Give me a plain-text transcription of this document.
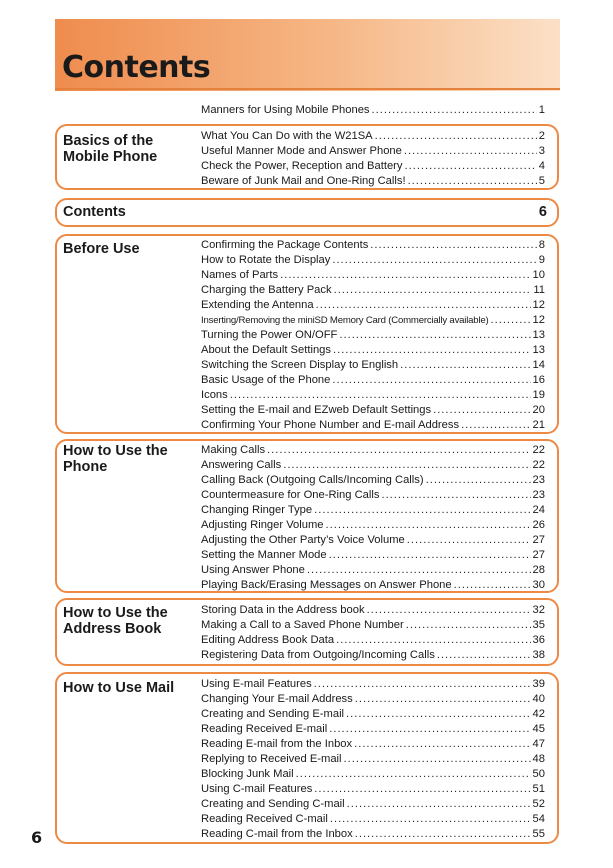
Contents
Manners for Using Mobile Phones .....	1
Basics of the Mobile Phone
What You Can Do with the W21SA .....	2
Useful Manner Mode and Answer Phone .....	3
Check the Power, Reception and Battery .....	4
Beware of Junk Mail and One-Ring Calls! .....	5
Contents	6
Before Use	Confirming the Package Contents .....	8
How to Rotate the Display .....	9
Names of Parts .....	10
Charging the Battery Pack .....	11
Extending the Antenna .....	12
Inserting/Removing the miniSD Memory Card (Commercially available) .....	12
Turning the Power ON/OFF .....	13
About the Default Settings .....	13
Switching the Screen Display to English .....	14
Basic Usage of the Phone .....	16
Icons .....	19
Setting the E-mail and EZweb Default Settings .....	20
Confirming Your Phone Number and E-mail Address .....	21
How to Use the Phone
Making Calls .....	22
Answering Calls .....	22
Calling Back (Outgoing Calls/Incoming Calls) .....	23
Countermeasure for One-Ring Calls .....	23
Changing Ringer Type .....	24
Adjusting Ringer Volume .....	26
Adjusting the Other Party’s Voice Volume .....	27
Setting the Manner Mode .....	27
Using Answer Phone .....	28
Playing Back/Erasing Messages on Answer Phone .....	30
How to Use the Address Book
Storing Data in the Address book .....	32
Making a Call to a Saved Phone Number .....	35
Editing Address Book Data .....	36
Registering Data from Outgoing/Incoming Calls .....	38
How to Use Mail Using E-mail Features .....	39
Changing Your E-mail Address .....	40
Creating and Sending E-mail .....	42
Reading Received E-mail .....	45
Reading E-mail from the Inbox .....	47
Replying to Received E-mail .....	48
Blocking Junk Mail .....	50
Using C-mail Features .....	51
Creating and Sending C-mail .....	52
Reading Received C-mail .....	54
Reading C-mail from the Inbox .....	55
6
